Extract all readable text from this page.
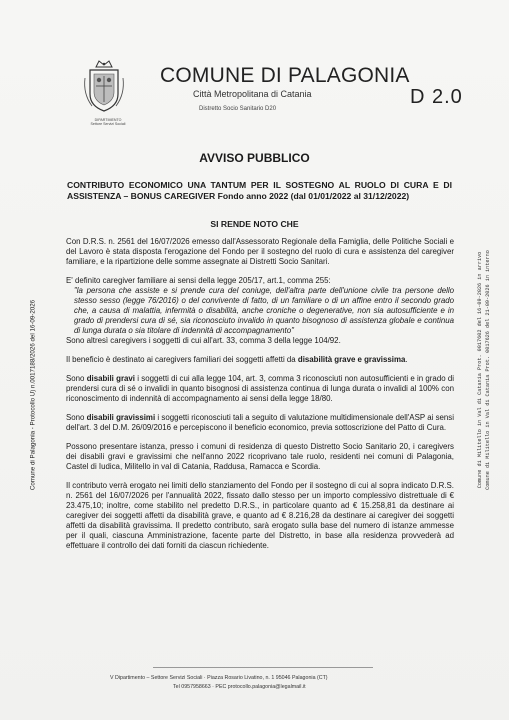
DIPARTIMENTO
Settore Servizi Sociali
COMUNE DI PALAGONIA
Città Metropolitana di Catania
Distretto Socio Sanitario D20
D 2.0
AVVISO PUBBLICO
CONTRIBUTO ECONOMICO UNA TANTUM PER IL SOSTEGNO AL RUOLO DI CURA E DI ASSISTENZA – BONUS CAREGIVER Fondo anno 2022 (dal 01/01/2022 al 31/12/2022)
SI RENDE NOTO CHE

Con D.R.S. n. 2561 del 16/07/2026 emesso dall'Assessorato Regionale della Famiglia, delle Politiche Sociali e del Lavoro è stata disposta l'erogazione del Fondo per il sostegno del ruolo di cura e assistenza del caregiver familiare, e la ripartizione delle somme assegnate ai Distretti Socio Sanitari.

E' definito caregiver familiare ai sensi della legge 205/17, art.1, comma 255:

"la persona che assiste e si prende cura del coniuge, dell'altra parte dell'unione civile tra persone dello stesso sesso (legge 76/2016) o del convivente di fatto, di un familiare o di un affine entro il secondo grado che, a causa di malattia, infermità o disabilità, anche croniche o degenerative, non sia autosufficiente e in grado di prendersi cura di sé, sia riconosciuto invalido in quanto bisognoso di assistenza globale e continua di lunga durata o sia titolare di indennità di accompagnamento"

Sono altresì caregivers i soggetti di cui all'art. 33, comma 3 della legge 104/92.

Il beneficio è destinato ai caregivers familiari dei soggetti affetti da disabilità grave e gravissima.

Sono disabili gravi i soggetti di cui alla legge 104, art. 3, comma 3 riconosciuti non autosufficienti e in grado di prendersi cura di sé o invalidi in quanto bisognosi di assistenza continua di lunga durata o invalidi al 100% con riconoscimento di indennità di accompagnamento ai sensi della legge 18/80.

Sono disabili gravissimi i soggetti riconosciuti tali a seguito di valutazione multidimensionale dell'ASP ai sensi dell'art. 3 del D.M. 26/09/2016 e percepiscono il beneficio economico, previa sottoscrizione del Patto di Cura.

Possono presentare istanza, presso i comuni di residenza di questo Distretto Socio Sanitario 20, i caregivers dei disabili gravi e gravissimi che nell'anno 2022 ricoprivano tale ruolo, residenti nei comuni di Palagonia, Castel di Iudica, Militello in val di Catania, Raddusa, Ramacca e Scordia.

Il contributo verrà erogato nei limiti dello stanziamento del Fondo per il sostegno di cui al sopra indicato D.R.S. n. 2561 del 16/07/2026 per l'annualità 2022, fissato dallo stesso per un importo complessivo distrettuale di € 23.475,10; inoltre, come stabilito nel predetto D.R.S., in particolare quanto ad € 15.258,81 da destinare ai caregiver dei soggetti affetti da disabilità grave, e quanto ad € 8.216,28 da destinare ai caregiver dei soggetti affetti da disabilità gravissima. Il predetto contributo, sarà erogato sulla base del numero di istanze ammesse per il quali, ciascuna Amministrazione, facente parte del Distretto, in base alla residenza provvederà ad effettuare il controllo dei dati forniti da ciascun richiedente.

Comune di Palagonia - Protocollo U) n.0017188/2026 del 16-09-2026	Comune di Militello in Val di Catania Prot. 0017602 del 16-09-2026 in arrivo Comune di Militello in Val di Catania Prot. 0017626 del 21-09-2026 in interno
V Dipartimento – Settore Servizi Sociali · Piazza Rosario Livatino, n. 1 95046 Palagonia (CT)
Tel 0957958663 · PEC protocollo.palagonia@legalmail.it
